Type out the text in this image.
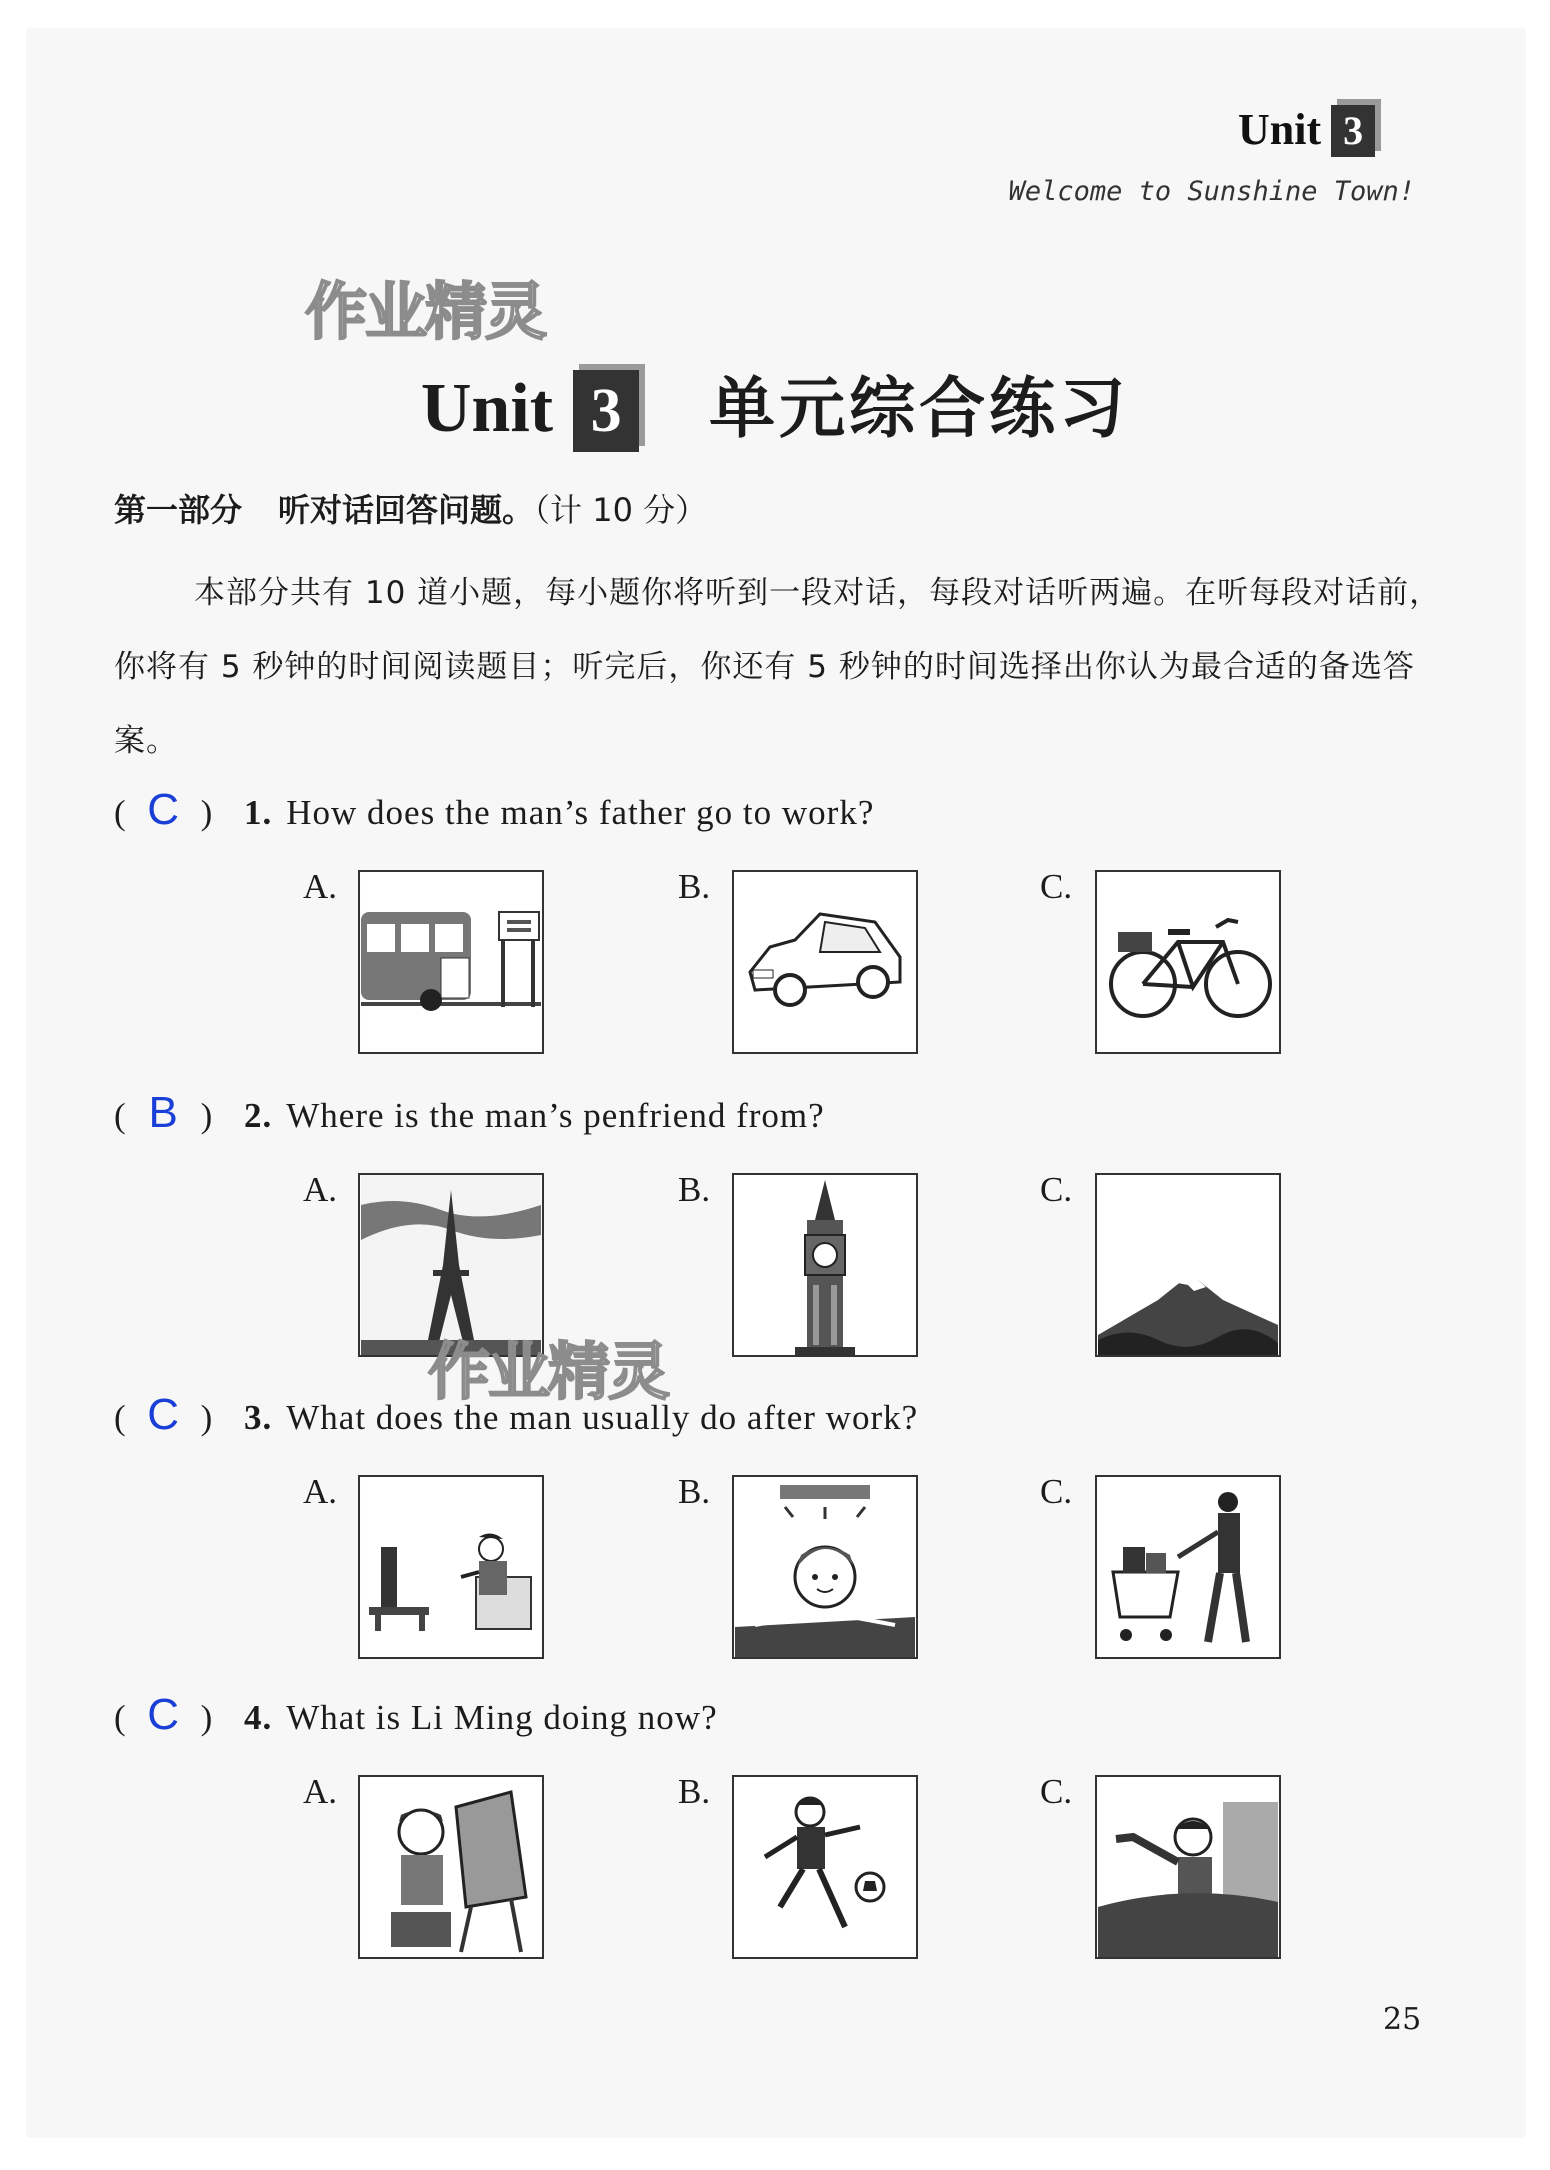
Unit 3
Welcome to Sunshine Town!
作业精灵
Unit 3 单元综合练习
第一部分 听对话回答问题。（计 10 分）
本部分共有 10 道小题，每小题你将听到一段对话，每段对话听两遍。在听每段对话前，你将有 5 秒钟的时间阅读题目；听完后，你还有 5 秒钟的时间选择出你认为最合适的备选答案。
( C ) 1. How does the man’s father go to work?
A.	B.	C.
( B ) 2. Where is the man’s penfriend from?
A.	B.	C.
( C ) 3. What does the man usually do after work?
A.	B.	C.
( C ) 4. What is Li Ming doing now?
A.	B.	C.
作业精灵
25
